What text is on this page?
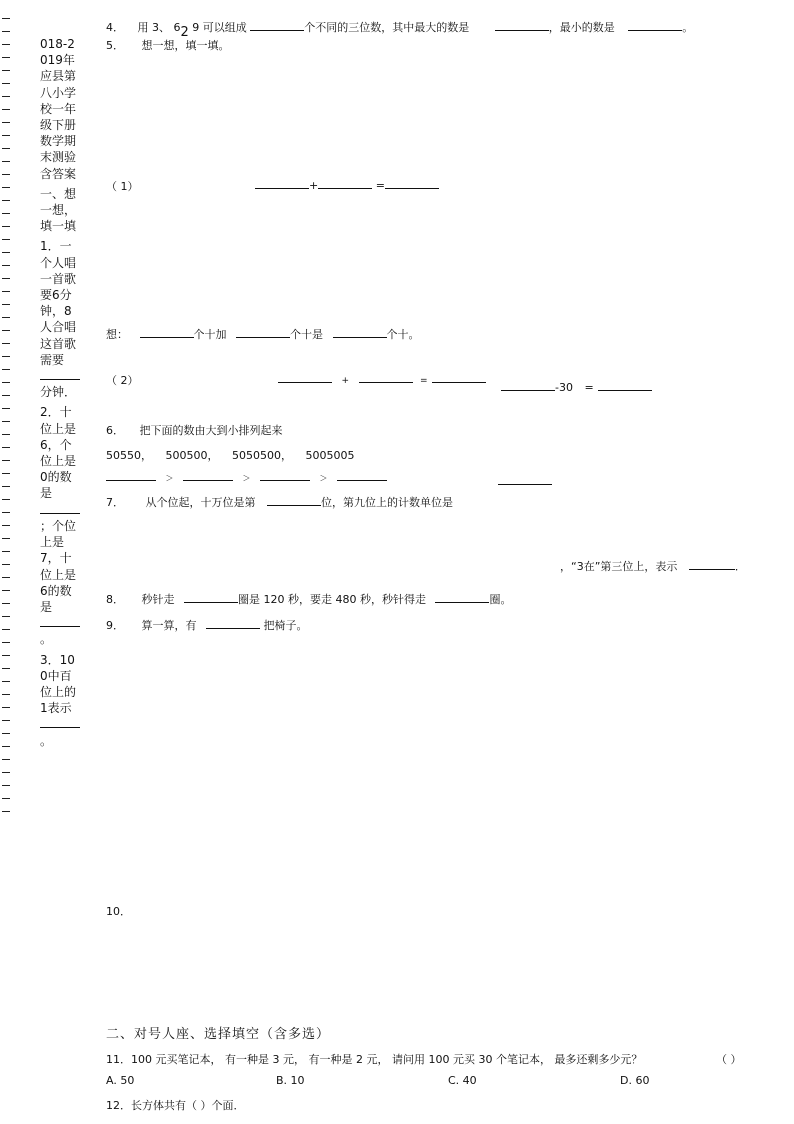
018-2019年应县第八小学校一年级下册数学期末测验含答案
一、想一想，填一填
1．一个人唱一首歌要6分钟，8人合唱这首歌需要
分钟．
2．十位上是6，个位上是0的数是
；个位上是7，十位上是6的数是
。
3．100中百位上的1表示
。
4． 用 3、 62 9 可以组成	个不同的三位数，其中最大的数是	，最小的数是	。
5． 想一想，填一填。
（ 1）	+	=
想：	个十加	个十是	个十。
（ 2）	+	=	-30 =
6． 把下面的数由大到小排列起来
50550， 500500， 5050500， 5005005
＞	＞	＞
7． 从个位起，十万位是第	位，第九位上的计数单位是
，“3在”第三位上，表示	．
8． 秒针走	圈是 120 秒，要走 480 秒，秒针得走	圈。
9． 算一算，有	把椅子。
10．
二、对号人座、选择填空（含多选）
11．100 元买笔记本， 有一种是 3 元， 有一种是 2 元， 请问用 100 元买 30 个笔记本， 最多还剩多少元？	（ ）
A. 50	B. 10	C. 40	D. 60
12．长方体共有（ ）个面．
